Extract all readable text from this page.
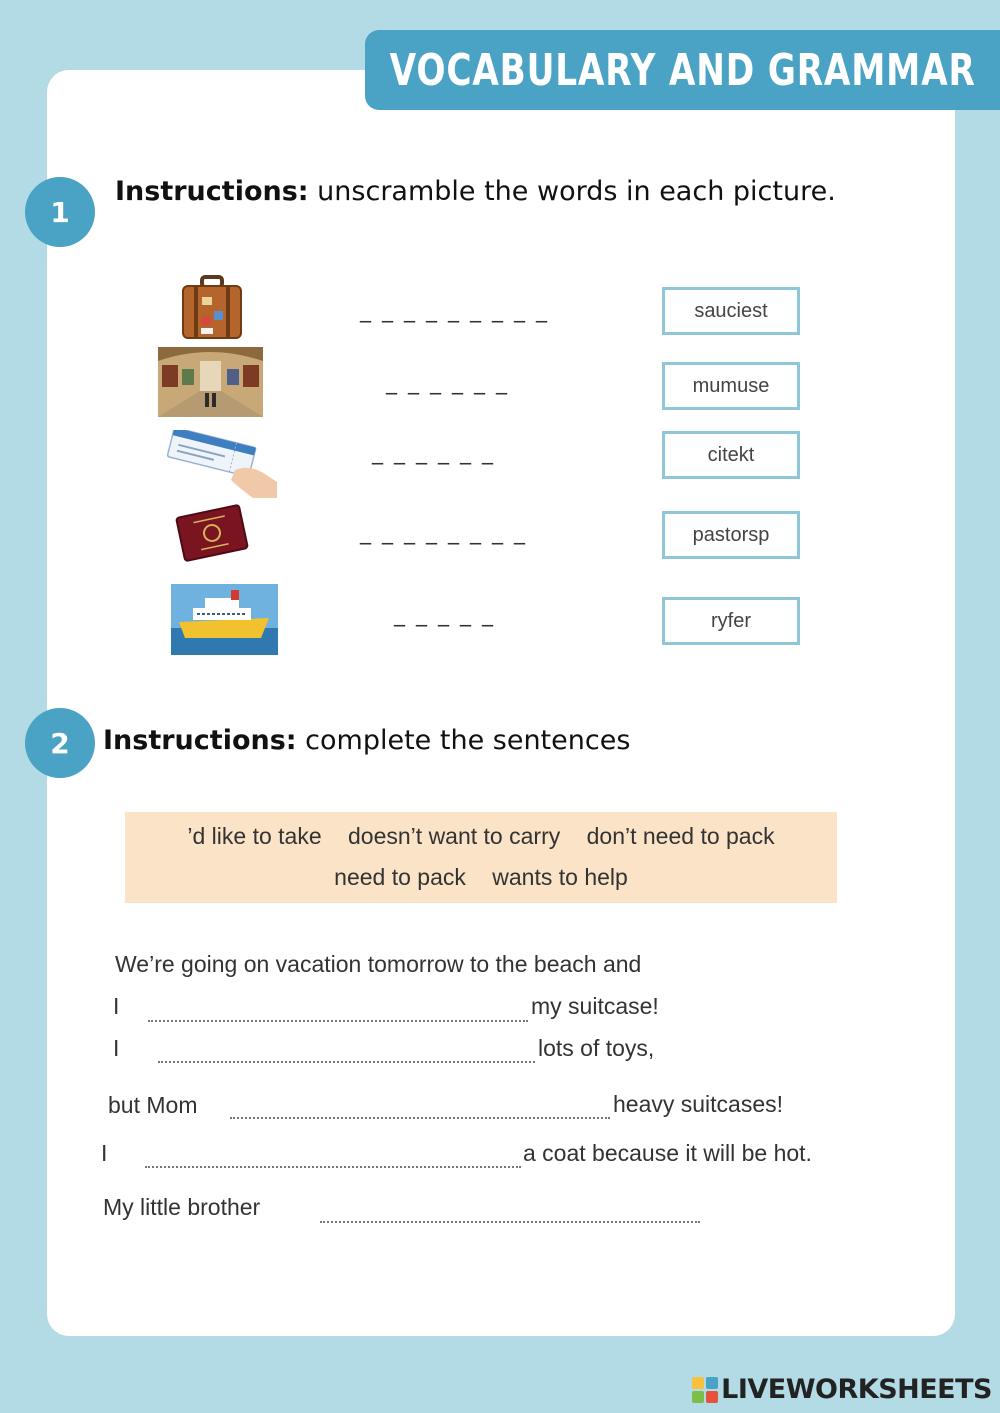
VOCABULARY AND GRAMMAR
1
Instructions: unscramble the words in each picture.
_ _ _ _ _ _ _ _ _
sauciest
_ _ _ _ _ _
mumuse
_ _ _ _ _ _
citekt
_ _ _ _ _ _ _ _
pastorsp
_ _ _ _ _
ryfer
2	Instructions: complete the sentences
’d like to take doesn’t want to carry don’t need to pack
need to pack wants to help
We’re going on vacation tomorrow to the beach and
I	my suitcase!
I	lots of toys,
but Mom	heavy suitcases!
I	a coat because it will be hot.
My little brother
LIVEWORKSHEETS
